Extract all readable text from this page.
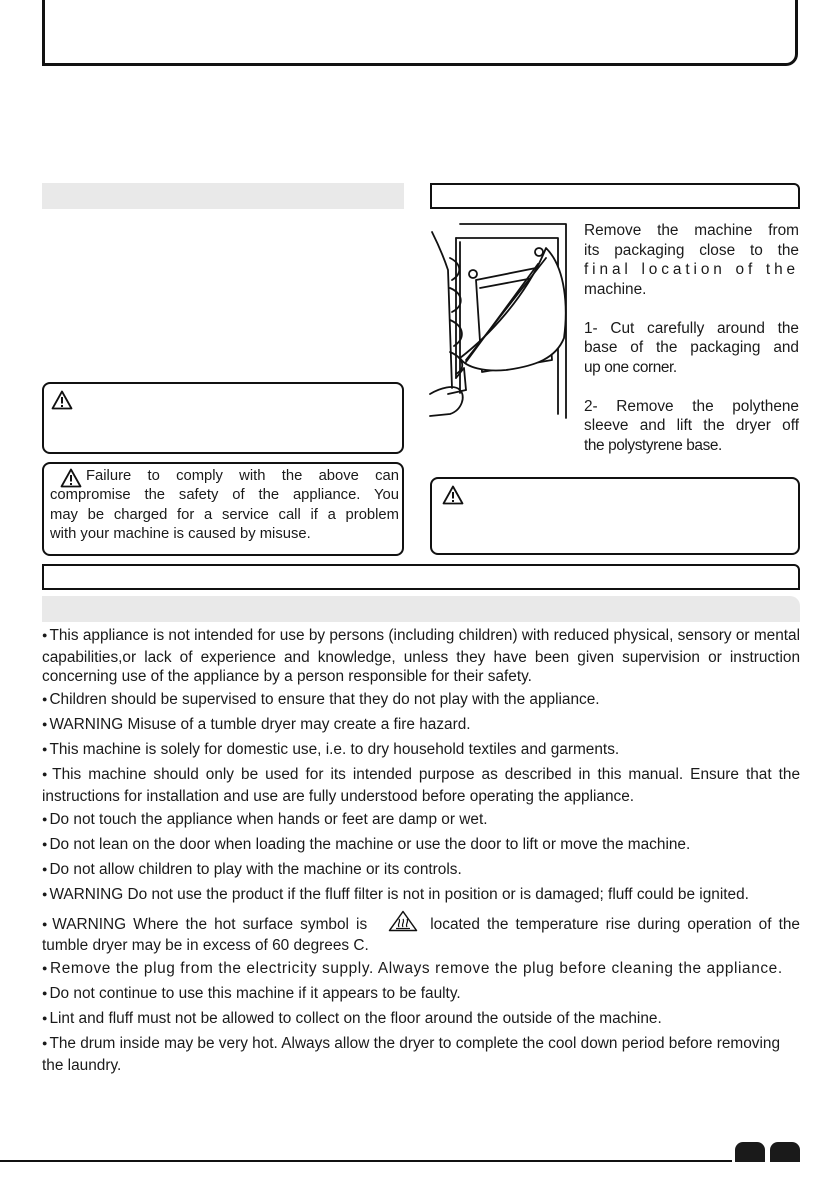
Remove the machine from
its packaging close to the
final location of the
machine.
1- Cut carefully around the
base of the packaging and
up one corner.
2- Remove the polythene
sleeve and lift the dryer off
the polystyrene base.
Failure to comply with the above can
compromise the safety of the appliance. You
may be charged for a service call if a problem
with your machine is caused by misuse.

● This appliance is not intended for use by persons (including children) with reduced physical, sensory or mental capabilities,or lack of experience and knowledge, unless they have been given supervision or instruction concerning use of the appliance by a person responsible for their safety.

● Children should be supervised to ensure that they do not play with the appliance.

● WARNING Misuse of a tumble dryer may create a fire hazard.

● This machine is solely for domestic use, i.e. to dry household textiles and garments.

● This machine should only be used for its intended purpose as described in this manual. Ensure that the instructions for installation and use are fully understood before operating the appliance.

● Do not touch the appliance when hands or feet are damp or wet.

● Do not lean on the door when loading the machine or use the door to lift or move the machine.

● Do not allow children to play with the machine or its controls.

● WARNING Do not use the product if the fluff filter is not in position or is damaged; fluff could be ignited.

● WARNING Where the hot surface symbol is	located the temperature rise during operation of the tumble dryer may be in excess of 60 degrees C.

● Remove the plug from the electricity supply. Always remove the plug before cleaning the appliance.

● Do not continue to use this machine if it appears to be faulty.

● Lint and fluff must not be allowed to collect on the floor around the outside of the machine.

● The drum inside may be very hot. Always allow the dryer to complete the cool down period before removing the laundry.
